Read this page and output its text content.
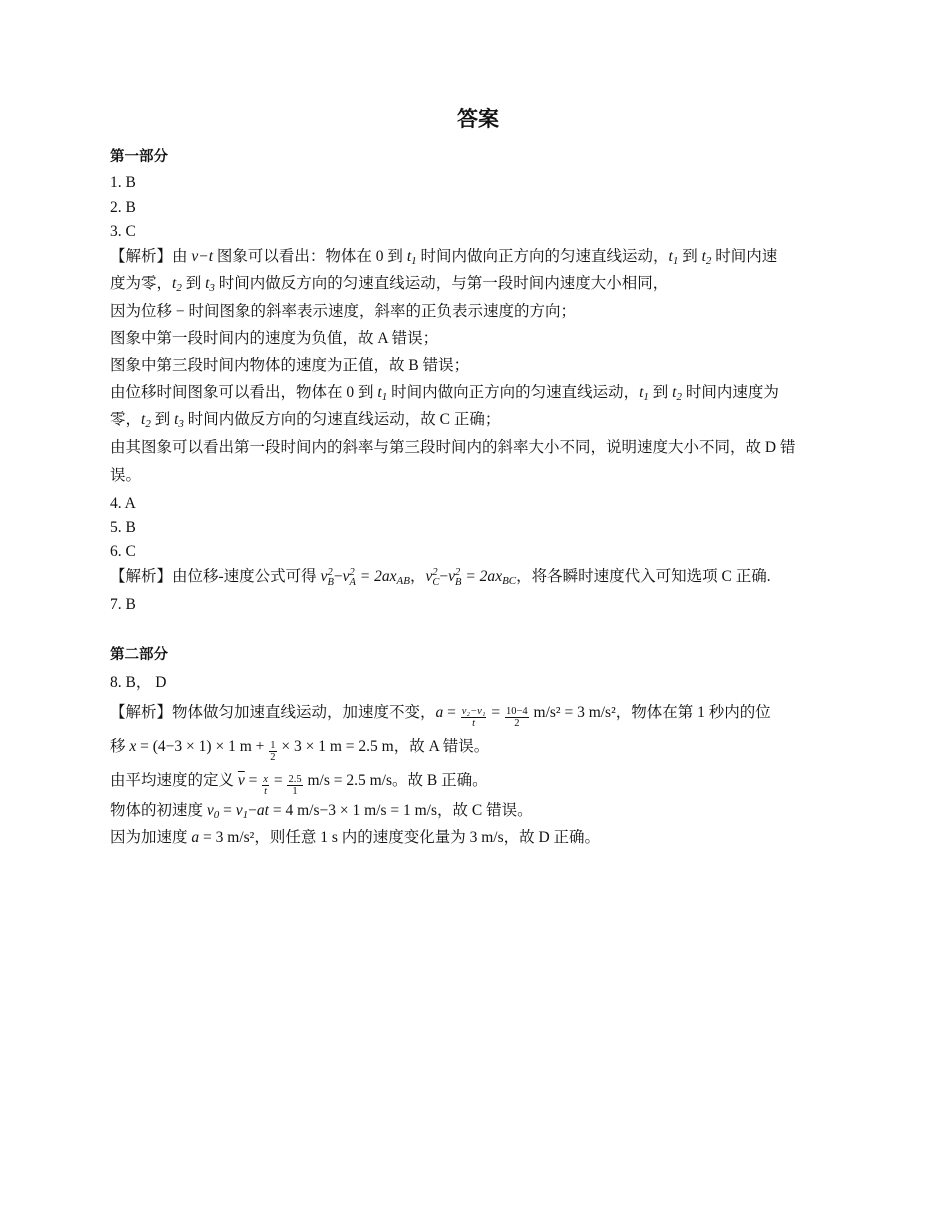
答案
第一部分
1. B
2. B
3. C
【解析】由 v−t 图象可以看出：物体在 0 到 $t_1$ 时间内做向正方向的匀速直线运动，$t_1$ 到 $t_2$ 时间内速
度为零，$t_2$ 到 $t_3$ 时间内做反方向的匀速直线运动，与第一段时间内速度大小相同，
因为位移 − 时间图象的斜率表示速度，斜率的正负表示速度的方向；
图象中第一段时间内的速度为负值，故 A 错误；
图象中第三段时间内物体的速度为正值，故 B 错误；
由位移时间图象可以看出，物体在 0 到 $t_1$ 时间内做向正方向的匀速直线运动，$t_1$ 到 $t_2$ 时间内速度为
零，$t_2$ 到 $t_3$ 时间内做反方向的匀速直线运动，故 C 正确；
由其图象可以看出第一段时间内的斜率与第三段时间内的斜率大小不同，说明速度大小不同，故 D 错
误。
4. A
5. B
6. C
【解析】由位移-速度公式可得 v 2
B −v 2
$A = 2ax_{AB}$，v 2
C −v 2
$B = 2ax_{BC}$，将各瞬时速度代入可知选项 C 正确.
7. B
第二部分
8. B， D
【解析】物体做匀加速直线运动，加速度不变，$a = \frac{\text{v₂−v₁}}{t} = \frac{10-4}{2} m/s^2 = 3$ m/s²，物体在第 1 秒内的位
移 x = (4−3 × 1) × 1 $m + \frac{1}{2} \times 3 \times 1$ m = 2.5 m，故 A 错误。
由平均速度的定义 $\overline{v} = \frac{x}{t} = \frac{2.5}{1} m/s = 2.5$ m/s。故 B 正确。
物体的初速度 $v_0 = v_1-at = 4$ m/s−3 × 1 m/s = 1 m/s，故 C 错误。
因为加速度 a = 3 m/s²，则任意 1 s 内的速度变化量为 3 m/s，故 D 正确。
